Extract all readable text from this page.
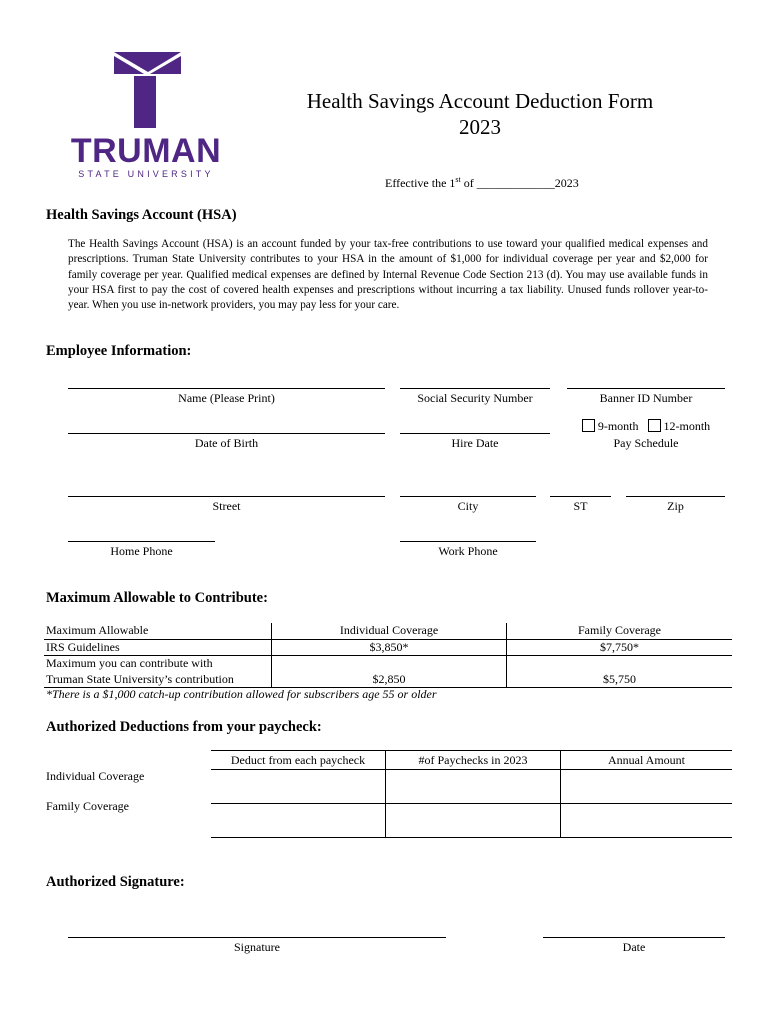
TRUMAN
STATE UNIVERSITY
Health Savings Account Deduction Form
2023
Effective the 1st of _____________2023
Health Savings Account (HSA)
The Health Savings Account (HSA) is an account funded by your tax-free contributions to use toward your qualified medical expenses and prescriptions. Truman State University contributes to your HSA in the amount of $1,000 for individual coverage per year and $2,000 for family coverage per year. Qualified medical expenses are defined by Internal Revenue Code Section 213 (d). You may use available funds in your HSA first to pay the cost of covered health expenses and prescriptions without incurring a tax liability. Unused funds rollover year-to-year. When you use in-network providers, you may pay less for your care.
Employee Information:
Name (Please Print)	Social Security Number	Banner ID Number
Date of Birth	Hire Date
9-month 12-month
Pay Schedule
Street	City	ST	Zip
Home Phone	Work Phone
Maximum Allowable to Contribute:
Maximum Allowable	Individual Coverage	Family Coverage
IRS Guidelines	$3,850*	$7,750*

Maximum you can contribute with
Truman State University’s contribution	$2,850	$5,750
*There is a $1,000 catch-up contribution allowed for subscribers age 55 or older
Authorized Deductions from your paycheck:
Deduct from each paycheck	#of Paychecks in 2023	Annual Amount

Individual Coverage
Family Coverage
Authorized Signature:
Signature	Date
